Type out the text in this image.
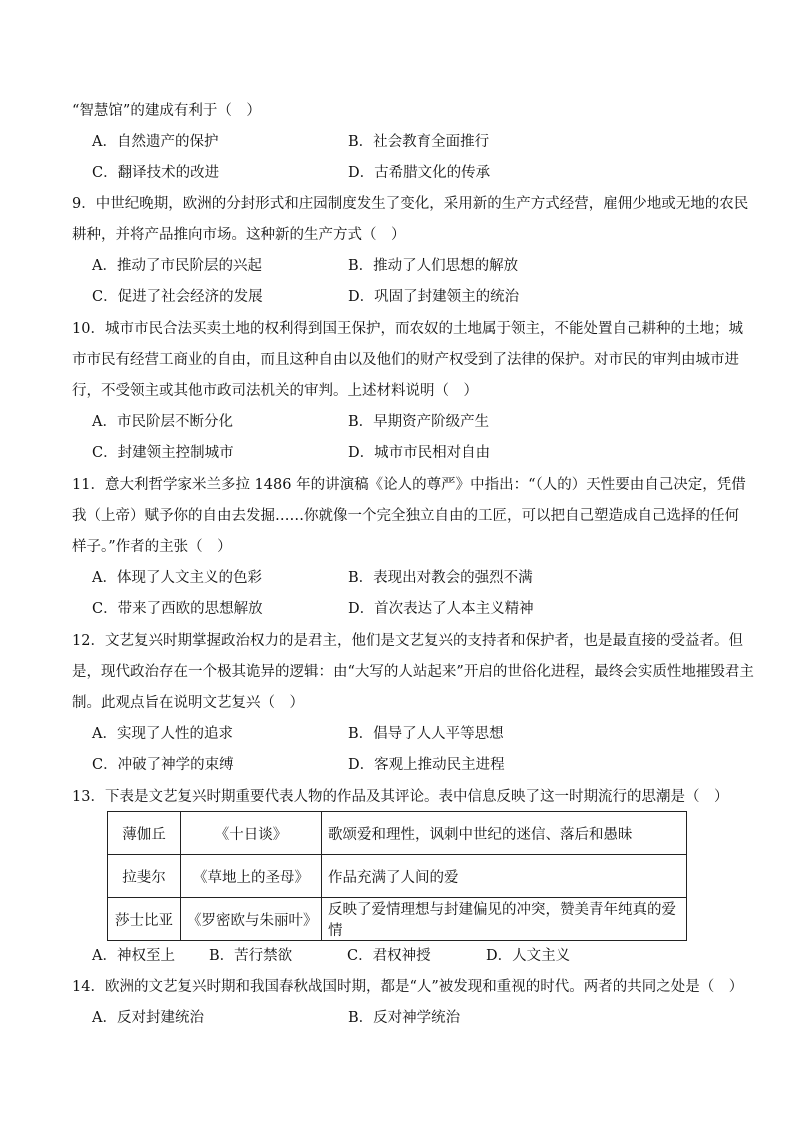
“智慧馆”的建成有利于（　）
A．自然遗产的保护	B．社会教育全面推行
C．翻译技术的改进	D．古希腊文化的传承
9．中世纪晚期，欧洲的分封形式和庄园制度发生了变化，采用新的生产方式经营，雇佣少地或无地的农民
耕种，并将产品推向市场。这种新的生产方式（　）
A．推动了市民阶层的兴起	B．推动了人们思想的解放
C．促进了社会经济的发展	D．巩固了封建领主的统治
10．城市市民合法买卖土地的权利得到国王保护，而农奴的土地属于领主，不能处置自己耕种的土地；城
市市民有经营工商业的自由，而且这种自由以及他们的财产权受到了法律的保护。对市民的审判由城市进
行，不受领主或其他市政司法机关的审判。上述材料说明（　）
A．市民阶层不断分化	B．早期资产阶级产生
C．封建领主控制城市	D．城市市民相对自由
11．意大利哲学家米兰多拉 1486 年的讲演稿《论人的尊严》中指出：“（人的）天性要由自己决定，凭借
我（上帝）赋予你的自由去发掘……你就像一个完全独立自由的工匠，可以把自己塑造成自己选择的任何
样子。”作者的主张（　）
A．体现了人文主义的色彩	B．表现出对教会的强烈不满
C．带来了西欧的思想解放	D．首次表达了人本主义精神
12．文艺复兴时期掌握政治权力的是君主，他们是文艺复兴的支持者和保护者，也是最直接的受益者。但
是，现代政治存在一个极其诡异的逻辑：由“大写的人站起来”开启的世俗化进程，最终会实质性地摧毁君主
制。此观点旨在说明文艺复兴（　）
A．实现了人性的追求	B．倡导了人人平等思想
C．冲破了神学的束缚	D．客观上推动民主进程
13．下表是文艺复兴时期重要代表人物的作品及其评论。表中信息反映了这一时期流行的思潮是（　）
薄伽丘	《十日谈》	歌颂爱和理性，讽刺中世纪的迷信、落后和愚昧
拉斐尔	《草地上的圣母》	作品充满了人间的爱
莎士比亚	《罗密欧与朱丽叶》	反映了爱情理想与封建偏见的冲突，赞美青年纯真的爱情
A．神权至上 B．苦行禁欲	C．君权神授	D．人文主义
14．欧洲的文艺复兴时期和我国春秋战国时期，都是“人”被发现和重视的时代。两者的共同之处是（　）
A．反对封建统治	B．反对神学统治
